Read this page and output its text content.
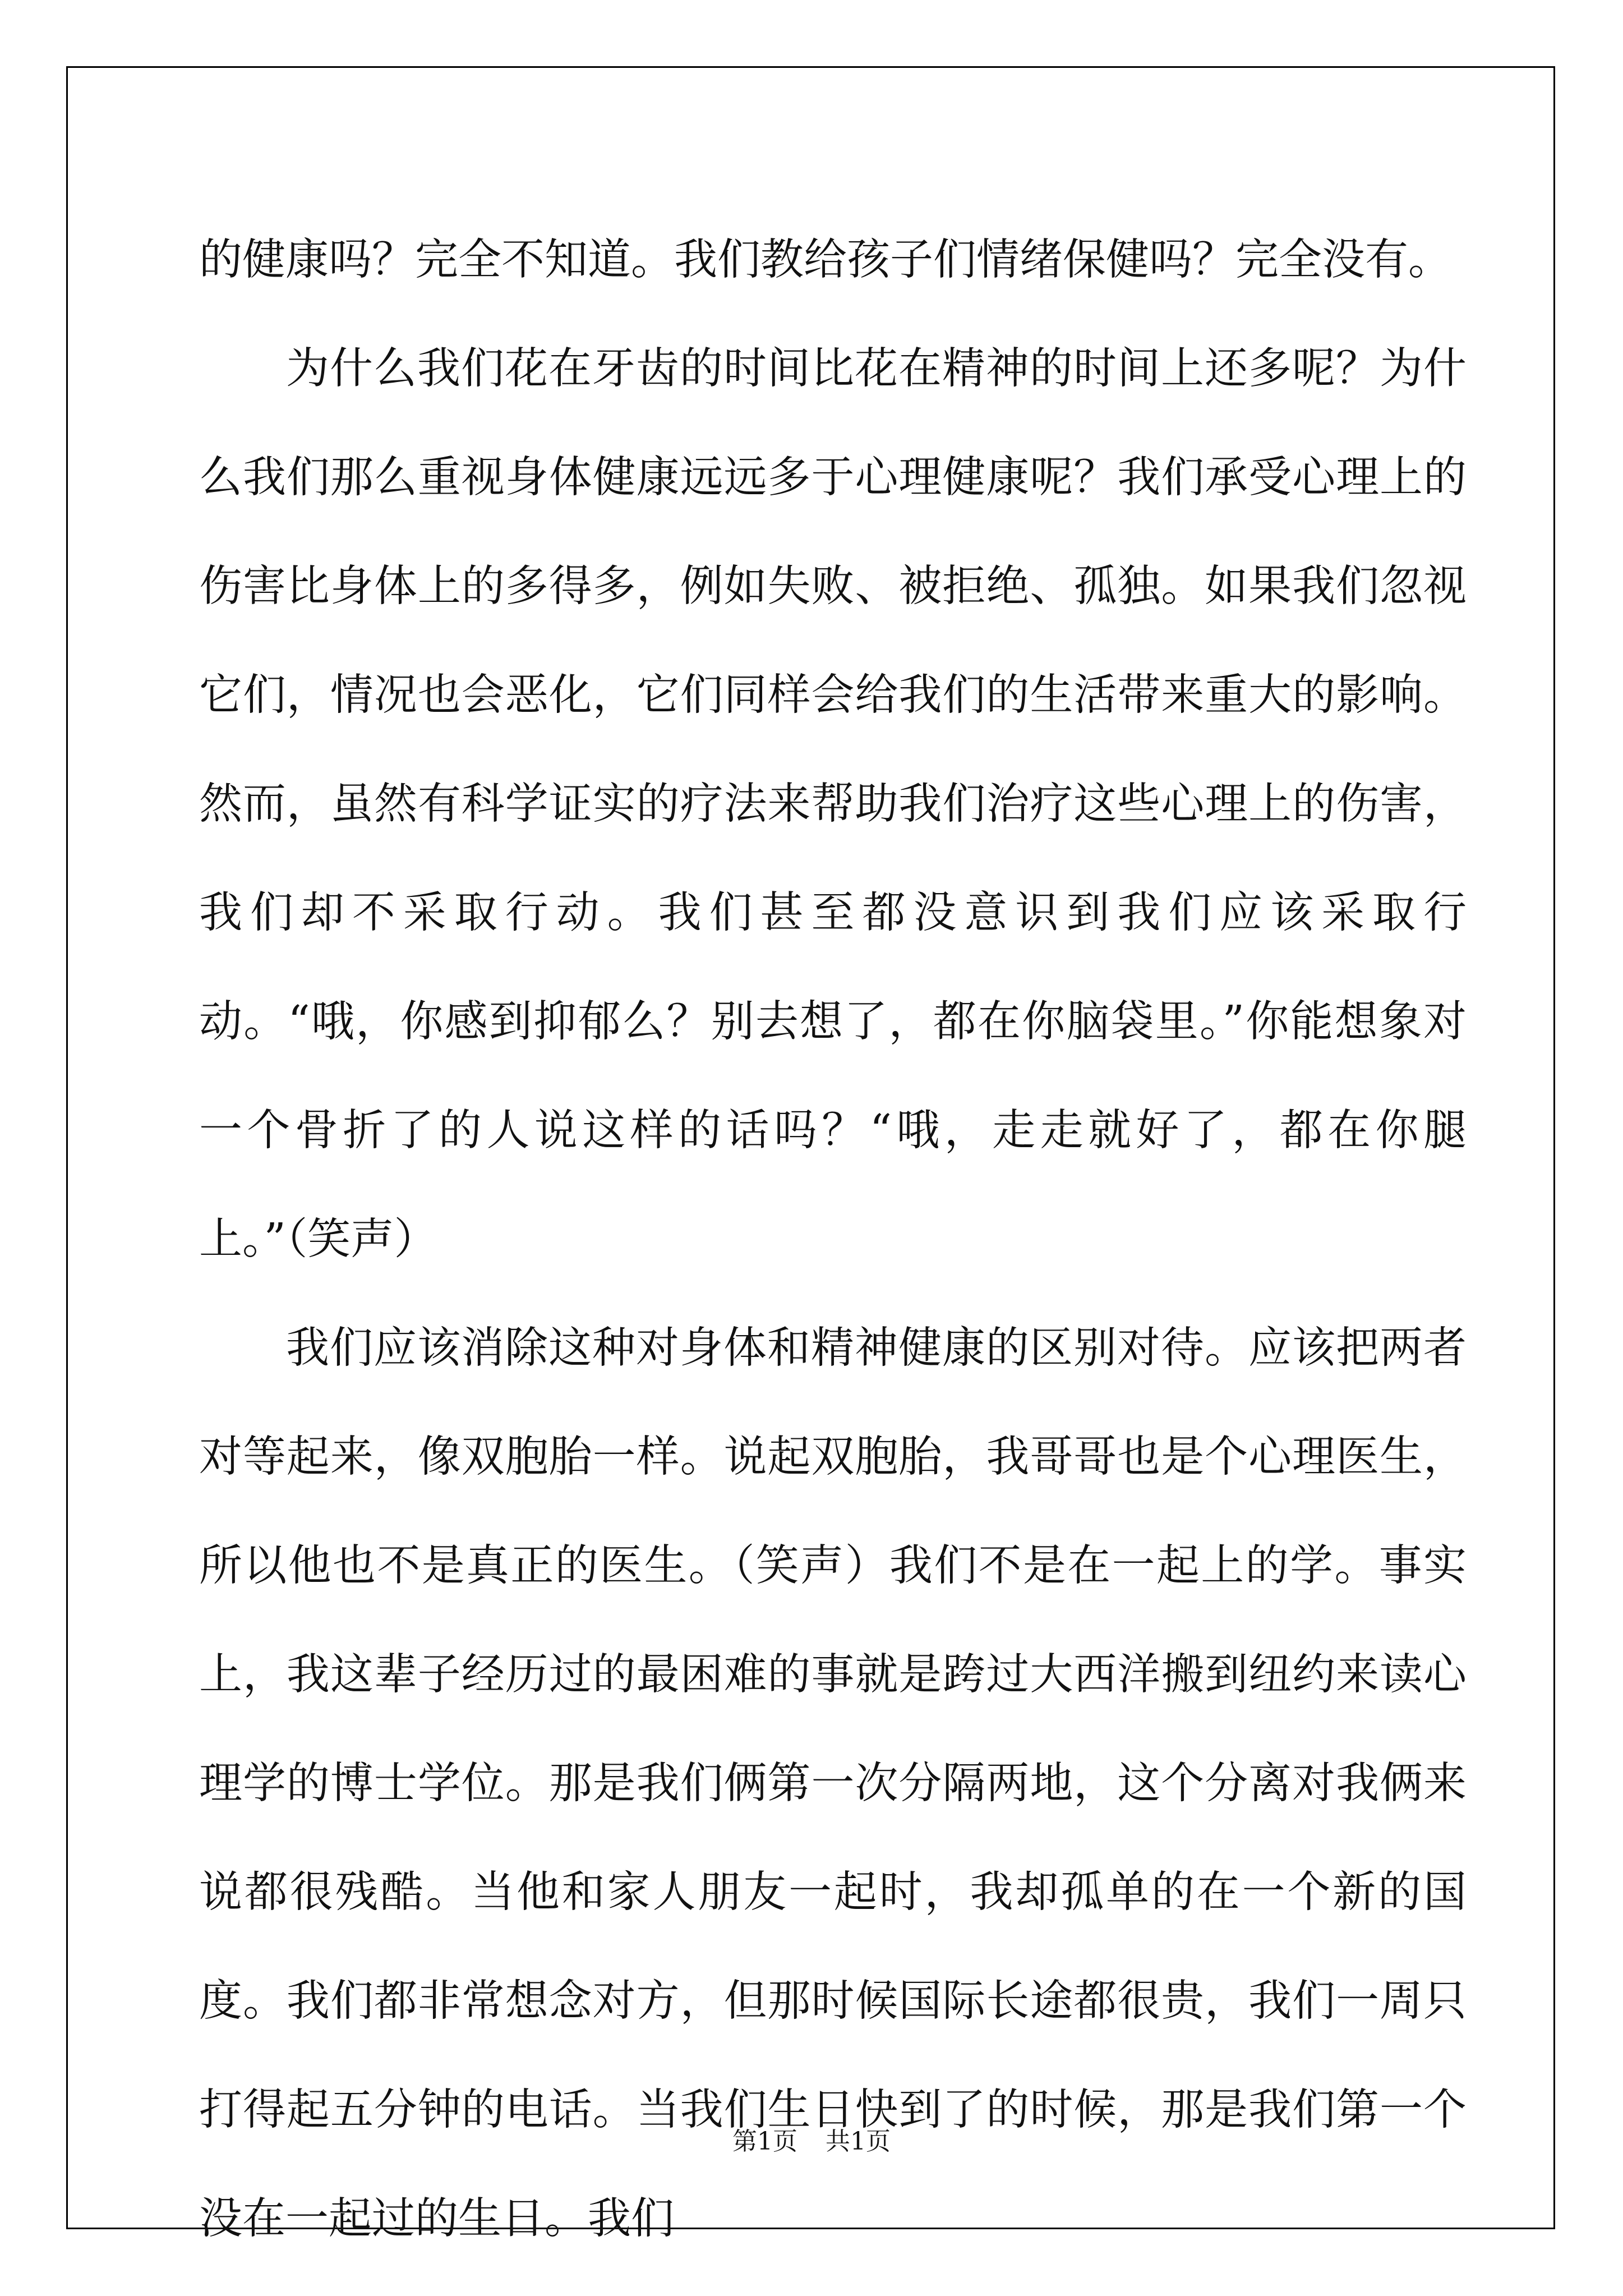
的健康吗？完全不知道。我们教给孩子们情绪保健吗？完全没有。

为什么我们花在牙齿的时间比花在精神的时间上还多呢？为什么我们那么重视身体健康远远多于心理健康呢？我们承受心理上的伤害比身体上的多得多，例如失败、被拒绝、孤独。如果我们忽视它们，情况也会恶化，它们同样会给我们的生活带来重大的影响。然而，虽然有科学证实的疗法来帮助我们治疗这些心理上的伤害，我们却不采取行动。我们甚至都没意识到我们应该采取行动。“哦，你感到抑郁么？别去想了，都在你脑袋里。”你能想象对一个骨折了的人说这样的话吗？“哦，走走就好了，都在你腿上。”（笑声）

我们应该消除这种对身体和精神健康的区别对待。应该把两者对等起来，像双胞胎一样。说起双胞胎，我哥哥也是个心理医生，所以他也不是真正的医生。（笑声）我们不是在一起上的学。事实上，我这辈子经历过的最困难的事就是跨过大西洋搬到纽约来读心理学的博士学位。那是我们俩第一次分隔两地，这个分离对我俩来说都很残酷。当他和家人朋友一起时，我却孤单的在一个新的国度。我们都非常想念对方，但那时候国际长途都很贵，我们一周只打得起五分钟的电话。当我们生日快到了的时候，那是我们第一个没在一起过的生日。我们

第1页 共1页
